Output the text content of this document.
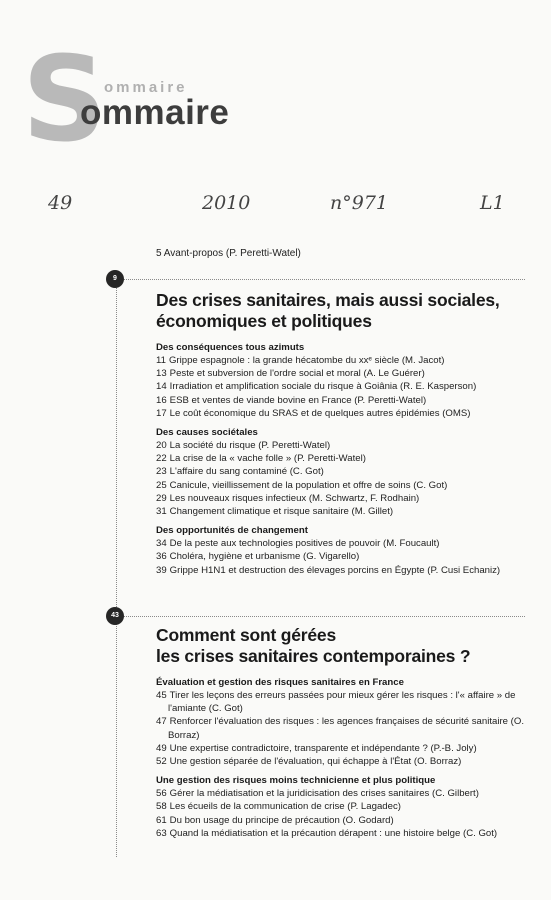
S
ommaire
ommaire
49	2010	n°971	L1
5 Avant-propos (P. Peretti-Watel)
9
43
Des crises sanitaires, mais aussi sociales,
économiques et politiques
Des conséquences tous azimuts
11 Grippe espagnole : la grande hécatombe du xxᵉ siècle (M. Jacot)
13 Peste et subversion de l'ordre social et moral (A. Le Guérer)
14 Irradiation et amplification sociale du risque à Goiânia (R. E. Kasperson)
16 ESB et ventes de viande bovine en France (P. Peretti-Watel)
17 Le coût économique du SRAS et de quelques autres épidémies (OMS)
Des causes sociétales
20 La société du risque (P. Peretti-Watel)
22 La crise de la « vache folle » (P. Peretti-Watel)
23 L'affaire du sang contaminé (C. Got)
25 Canicule, vieillissement de la population et offre de soins (C. Got)
29 Les nouveaux risques infectieux (M. Schwartz, F. Rodhain)
31 Changement climatique et risque sanitaire (M. Gillet)
Des opportunités de changement
34 De la peste aux technologies positives de pouvoir (M. Foucault)
36 Choléra, hygiène et urbanisme (G. Vigarello)
39 Grippe H1N1 et destruction des élevages porcins en Égypte (P. Cusi Echaniz)
Comment sont gérées
les crises sanitaires contemporaines ?
Évaluation et gestion des risques sanitaires en France
45 Tirer les leçons des erreurs passées pour mieux gérer les risques : l'« affaire » de l'amiante (C. Got)
47 Renforcer l'évaluation des risques : les agences françaises de sécurité sanitaire (O. Borraz)
49 Une expertise contradictoire, transparente et indépendante ? (P.-B. Joly)
52 Une gestion séparée de l'évaluation, qui échappe à l'État (O. Borraz)
Une gestion des risques moins technicienne et plus politique
56 Gérer la médiatisation et la juridicisation des crises sanitaires (C. Gilbert)
58 Les écueils de la communication de crise (P. Lagadec)
61 Du bon usage du principe de précaution (O. Godard)
63 Quand la médiatisation et la précaution dérapent : une histoire belge (C. Got)
